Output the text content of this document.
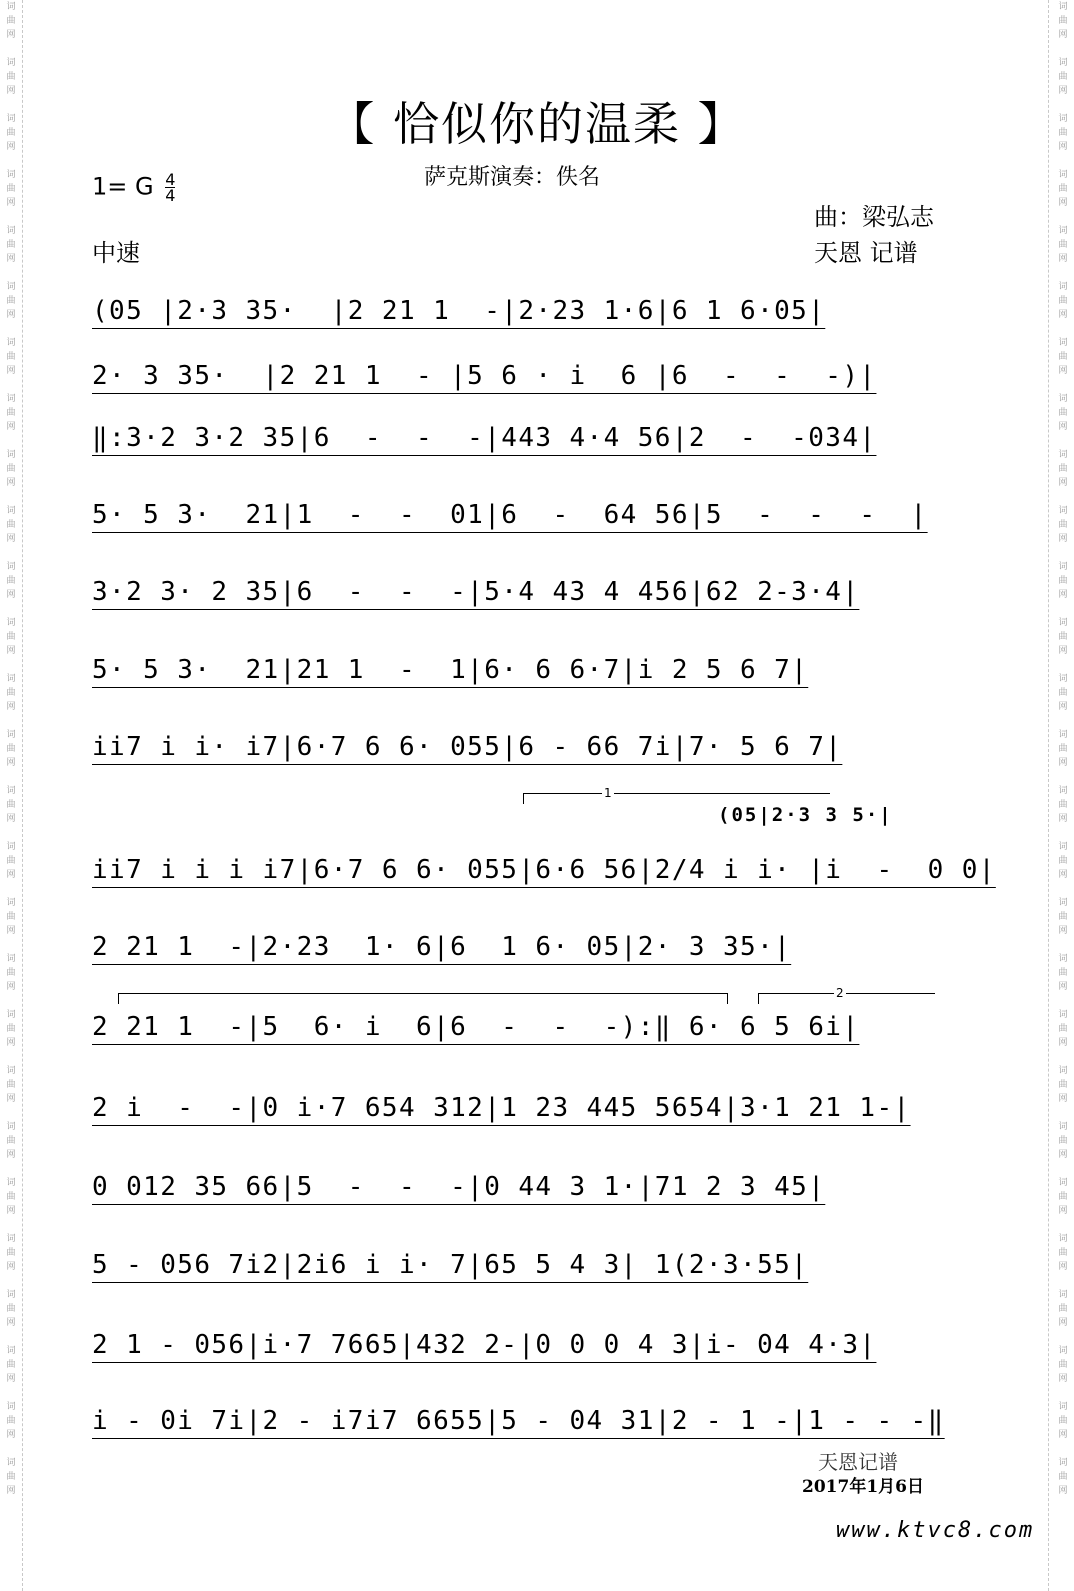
词
曲
网

词
曲
网

词
曲
网

词
曲
网

词
曲
网

词
曲
网

词
曲
网

词
曲
网

词
曲
网

词
曲
网

词
曲
网

词
曲
网

词
曲
网

词
曲
网

词
曲
网

词
曲
网

词
曲
网

词
曲
网

词
曲
网

词
曲
网

词
曲
网

词
曲
网

词
曲
网

词
曲
网

词
曲
网

词
曲
网

词
曲
网
词
曲
网

词
曲
网

词
曲
网

词
曲
网

词
曲
网

词
曲
网

词
曲
网

词
曲
网

词
曲
网

词
曲
网

词
曲
网

词
曲
网

词
曲
网

词
曲
网

词
曲
网

词
曲
网

词
曲
网

词
曲
网

词
曲
网

词
曲
网

词
曲
网

词
曲
网

词
曲
网

词
曲
网

词
曲
网

词
曲
网

词
曲
网
【 恰似你的温柔 】
萨克斯演奏：佚名
1= G $\frac{4}{4}$
中速
曲：梁弘志
天恩 记谱
(05 |2·3 35·  |2 21 1  -|2·23 1·6|6 1 6·05|
2· 3 35·  |2 21 1  - |5 6 · i  6 |6  -  -  -)|
‖:3·2 3·2 35|6  -  -  -|443 4·4 56|2  -  -034|
5· 5 3·  21|1  -  -  01|6  -  64 56|5  -  -  -  |
3·2 3· 2 35|6  -  -  -|5·4 43 4 456|62 2-3·4|
5· 5 3·  21|21 1  -  1|6· 6 6·7|i 2 5 6 7|
ii7 i i· i7|6·7 6 6· 055|6 - 66 7i|7· 5 6 7|
1
(05|2·3 3 5·|
ii7 i i i i7|6·7 6 6· 055|6·6 56|2/4 i i· |i  -  0 0|
2 21 1  -|2·23  1· 6|6  1 6· 05|2· 3 35·|
2
2 21 1  -|5  6· i  6|6  -  -  -):‖ 6· 6 5 6i|
2 i  -  -|0 i·7 654 312|1 23 445 5654|3·1 21 1-|
0 012 35 66|5  -  -  -|0 44 3 1·|71 2 3 45|
5 - 056 7i2|2i6 i i· 7|65 5 4 3| 1(2·3·55|
2 1 - 056|i·7 7665|432 2-|0 0 0 4 3|i- 04 4·3|
i - 0i 7i|2 - i7i7 6655|5 - 04 31|2 - 1 -|1 - - -‖
天恩记谱
2017年1月6日
www.ktvc8.com
